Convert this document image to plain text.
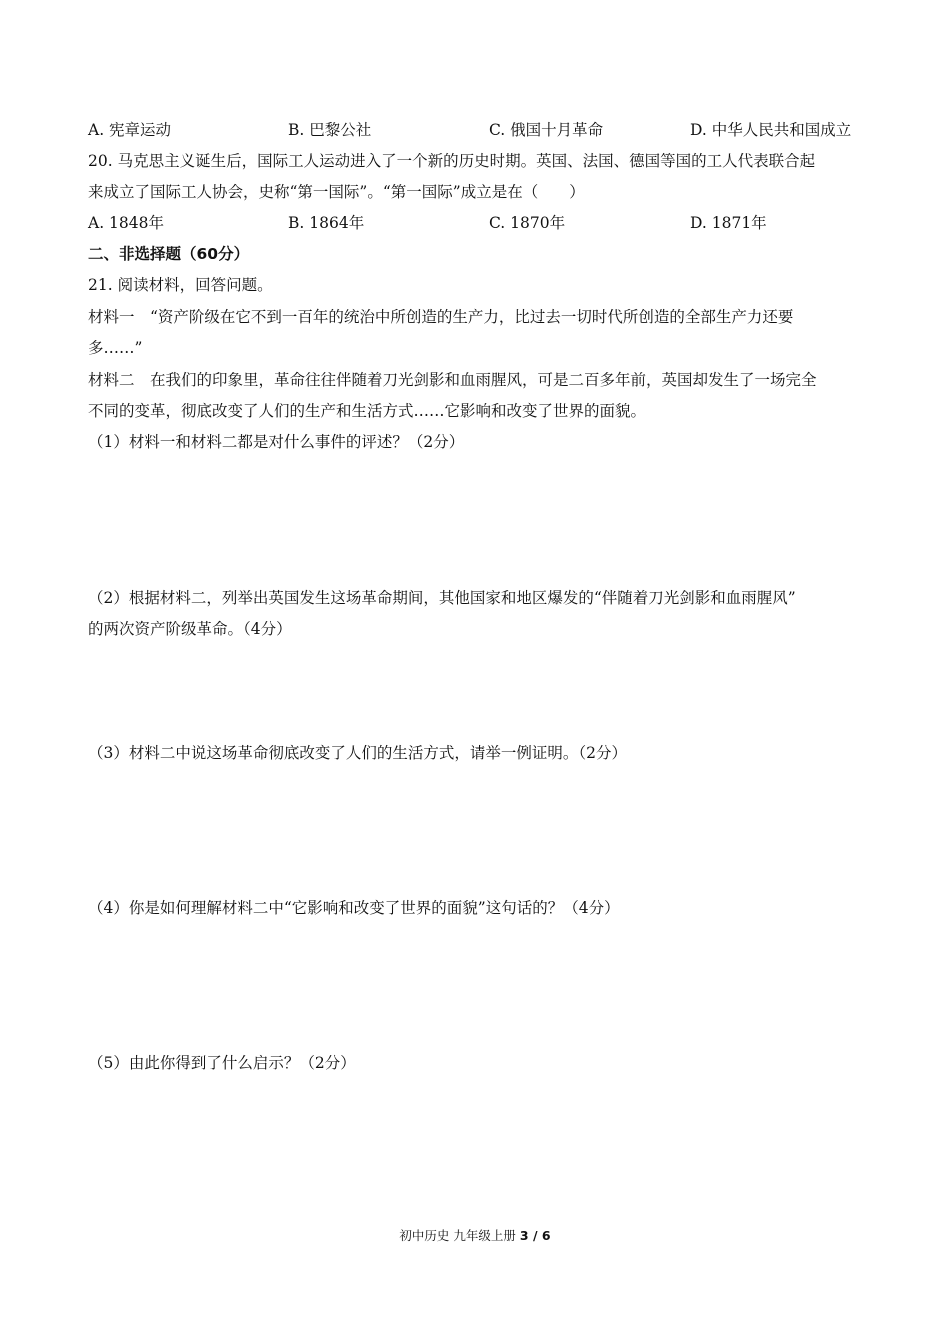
A. 宪章运动	B. 巴黎公社	C. 俄国十月革命	D. 中华人民共和国成立
20. 马克思主义诞生后，国际工人运动进入了一个新的历史时期。英国、法国、德国等国的工人代表联合起
来成立了国际工人协会，史称“第一国际”。“第一国际”成立是在（　　）
A. 1848年	B. 1864年	C. 1870年	D. 1871年
二、非选择题（60分）
21. 阅读材料，回答问题。
材料一　“资产阶级在它不到一百年的统治中所创造的生产力，比过去一切时代所创造的全部生产力还要
多……”
材料二　在我们的印象里，革命往往伴随着刀光剑影和血雨腥风，可是二百多年前，英国却发生了一场完全
不同的变革，彻底改变了人们的生产和生活方式……它影响和改变了世界的面貌。
（1）材料一和材料二都是对什么事件的评述？（2分）
（2）根据材料二，列举出英国发生这场革命期间，其他国家和地区爆发的“伴随着刀光剑影和血雨腥风”
的两次资产阶级革命。（4分）
（3）材料二中说这场革命彻底改变了人们的生活方式，请举一例证明。（2分）
（4）你是如何理解材料二中“它影响和改变了世界的面貌”这句话的？（4分）
（5）由此你得到了什么启示？（2分）
初中历史 九年级上册 3 / 6
